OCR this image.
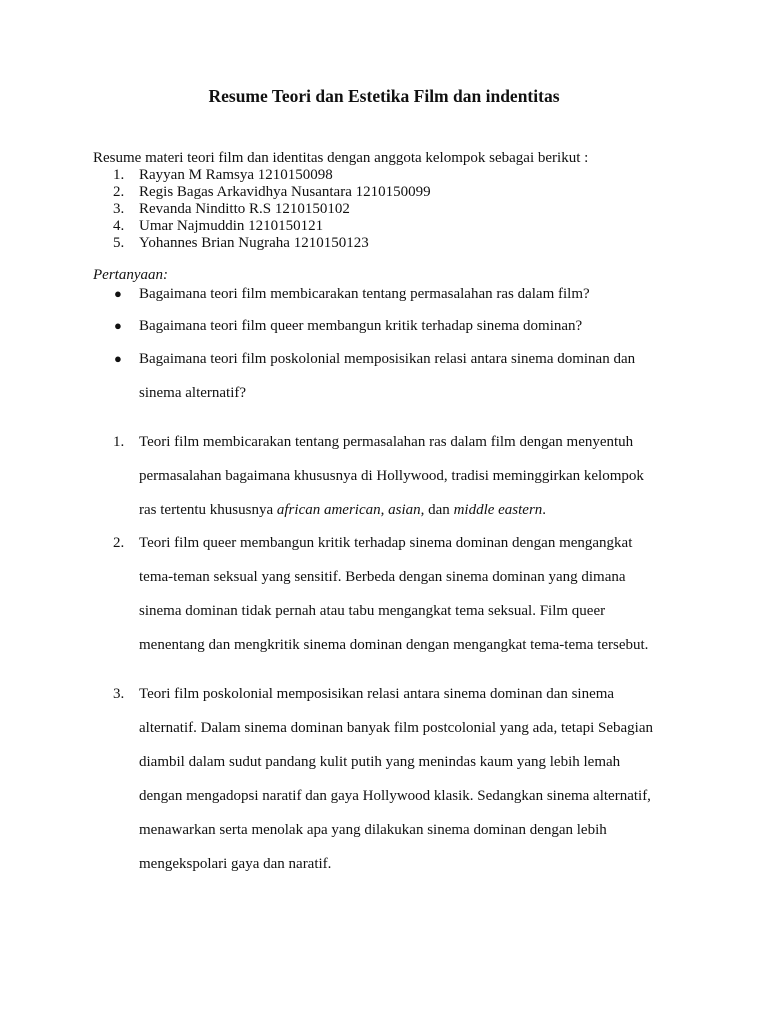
Resume Teori dan Estetika Film dan indentitas
Resume materi teori film dan identitas dengan anggota kelompok sebagai berikut :
1. Rayyan M Ramsya 1210150098
2. Regis Bagas Arkavidhya Nusantara 1210150099
3. Revanda Ninditto R.S 1210150102
4. Umar Najmuddin 1210150121
5. Yohannes Brian Nugraha 1210150123
Pertanyaan:
● Bagaimana teori film membicarakan tentang permasalahan ras dalam film?
● Bagaimana teori film queer membangun kritik terhadap sinema dominan?
● Bagaimana teori film poskolonial memposisikan relasi antara sinema dominan dan
sinema alternatif?
1. Teori film membicarakan tentang permasalahan ras dalam film dengan menyentuh
permasalahan bagaimana khususnya di Hollywood, tradisi meminggirkan kelompok
ras tertentu khususnya african american, asian, dan middle eastern.
2. Teori film queer membangun kritik terhadap sinema dominan dengan mengangkat
tema-teman seksual yang sensitif. Berbeda dengan sinema dominan yang dimana
sinema dominan tidak pernah atau tabu mengangkat tema seksual. Film queer
menentang dan mengkritik sinema dominan dengan mengangkat tema-tema tersebut.
3. Teori film poskolonial memposisikan relasi antara sinema dominan dan sinema
alternatif. Dalam sinema dominan banyak film postcolonial yang ada, tetapi Sebagian
diambil dalam sudut pandang kulit putih yang menindas kaum yang lebih lemah
dengan mengadopsi naratif dan gaya Hollywood klasik. Sedangkan sinema alternatif,
menawarkan serta menolak apa yang dilakukan sinema dominan dengan lebih
mengekspolari gaya dan naratif.
